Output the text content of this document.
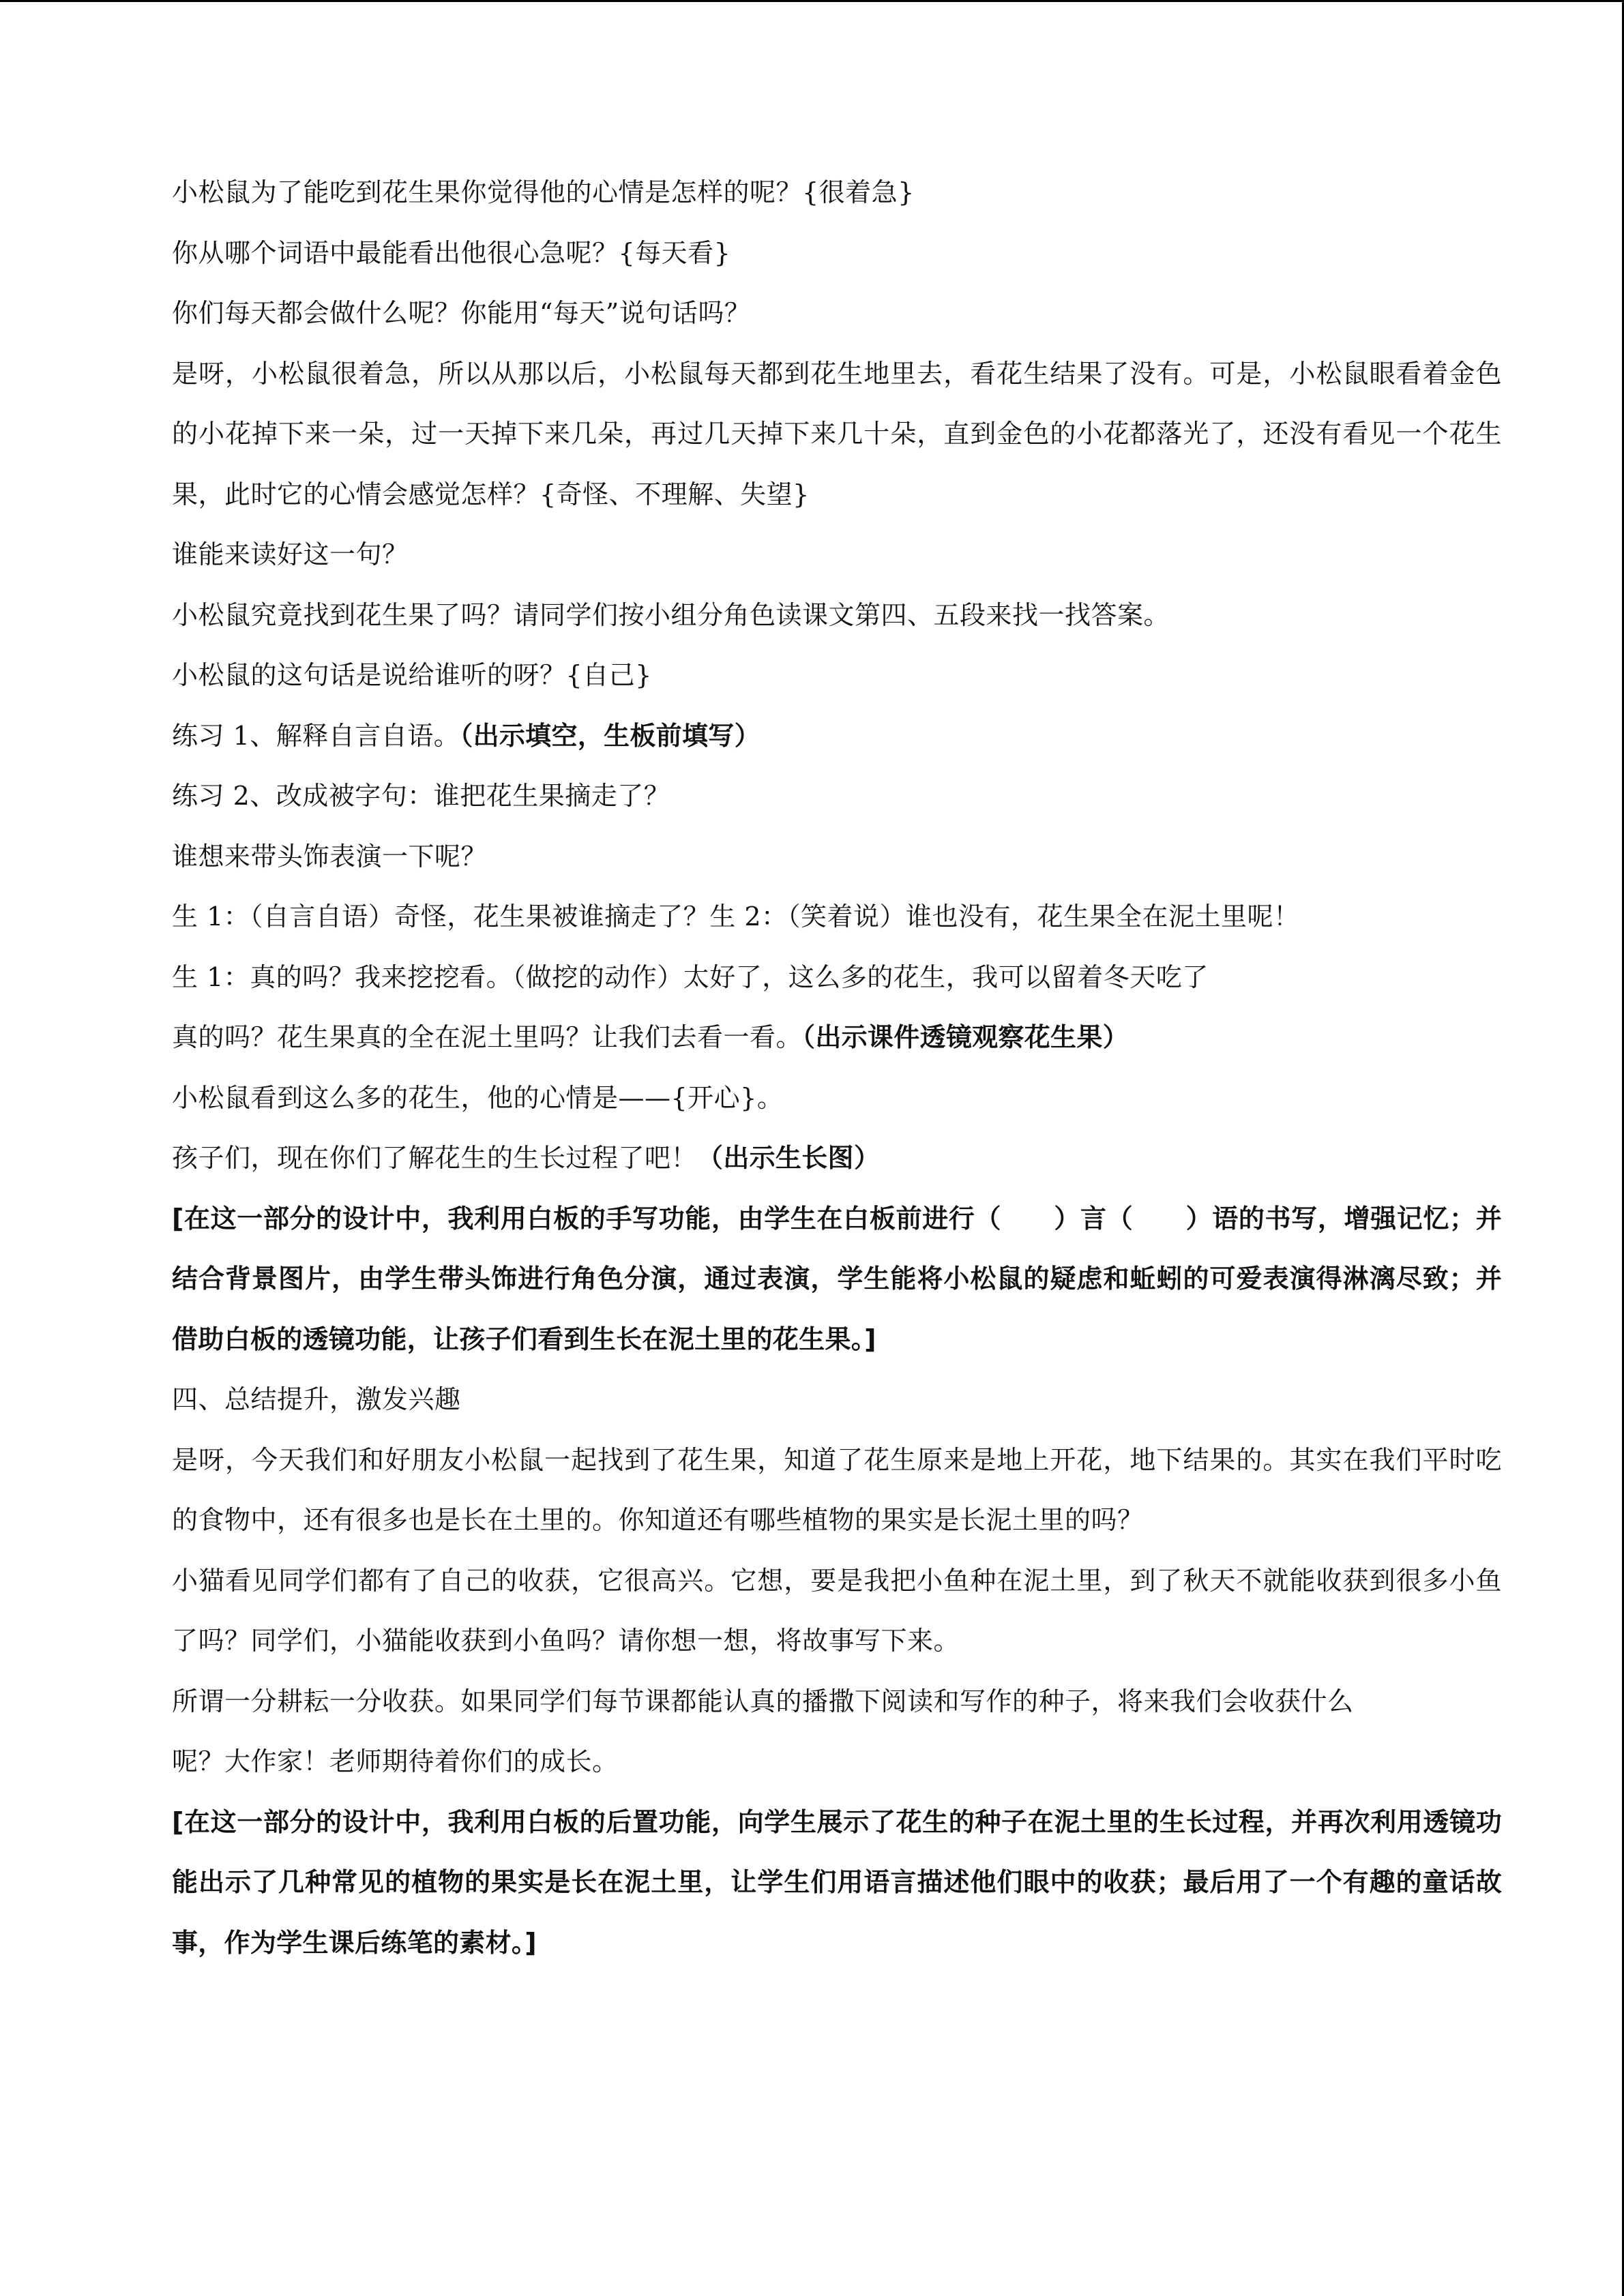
小松鼠为了能吃到花生果你觉得他的心情是怎样的呢？{很着急}
你从哪个词语中最能看出他很心急呢？{每天看}
你们每天都会做什么呢？你能用“每天”说句话吗？
是呀，小松鼠很着急，所以从那以后，小松鼠每天都到花生地里去，看花生结果了没有。可是，小松鼠眼看着金色的小花掉下来一朵，过一天掉下来几朵，再过几天掉下来几十朵，直到金色的小花都落光了，还没有看见一个花生果，此时它的心情会感觉怎样？{奇怪、不理解、失望}
谁能来读好这一句？
小松鼠究竟找到花生果了吗？请同学们按小组分角色读课文第四、五段来找一找答案。
小松鼠的这句话是说给谁听的呀？{自己}
练习 1、解释自言自语。（出示填空，生板前填写）
练习 2、改成被字句：谁把花生果摘走了？
谁想来带头饰表演一下呢？
生 1：（自言自语）奇怪，花生果被谁摘走了？生 2：（笑着说）谁也没有，花生果全在泥土里呢！
生 1：真的吗？我来挖挖看。（做挖的动作）太好了，这么多的花生，我可以留着冬天吃了
真的吗？花生果真的全在泥土里吗？让我们去看一看。（出示课件透镜观察花生果）
小松鼠看到这么多的花生，他的心情是——{开心}。
孩子们，现在你们了解花生的生长过程了吧！（出示生长图）
[在这一部分的设计中，我利用白板的手写功能，由学生在白板前进行（　　）言（　　）语的书写，增强记忆；并结合背景图片，由学生带头饰进行角色分演，通过表演，学生能将小松鼠的疑虑和蚯蚓的可爱表演得淋漓尽致；并借助白板的透镜功能，让孩子们看到生长在泥土里的花生果。]
四、总结提升，激发兴趣
是呀，今天我们和好朋友小松鼠一起找到了花生果，知道了花生原来是地上开花，地下结果的。其实在我们平时吃的食物中，还有很多也是长在土里的。你知道还有哪些植物的果实是长泥土里的吗？
小猫看见同学们都有了自己的收获，它很高兴。它想，要是我把小鱼种在泥土里，到了秋天不就能收获到很多小鱼了吗？同学们，小猫能收获到小鱼吗？请你想一想，将故事写下来。
所谓一分耕耘一分收获。如果同学们每节课都能认真的播撒下阅读和写作的种子，将来我们会收获什么
呢？大作家！老师期待着你们的成长。
[在这一部分的设计中，我利用白板的后置功能，向学生展示了花生的种子在泥土里的生长过程，并再次利用透镜功能出示了几种常见的植物的果实是长在泥土里，让学生们用语言描述他们眼中的收获；最后用了一个有趣的童话故事，作为学生课后练笔的素材。]
